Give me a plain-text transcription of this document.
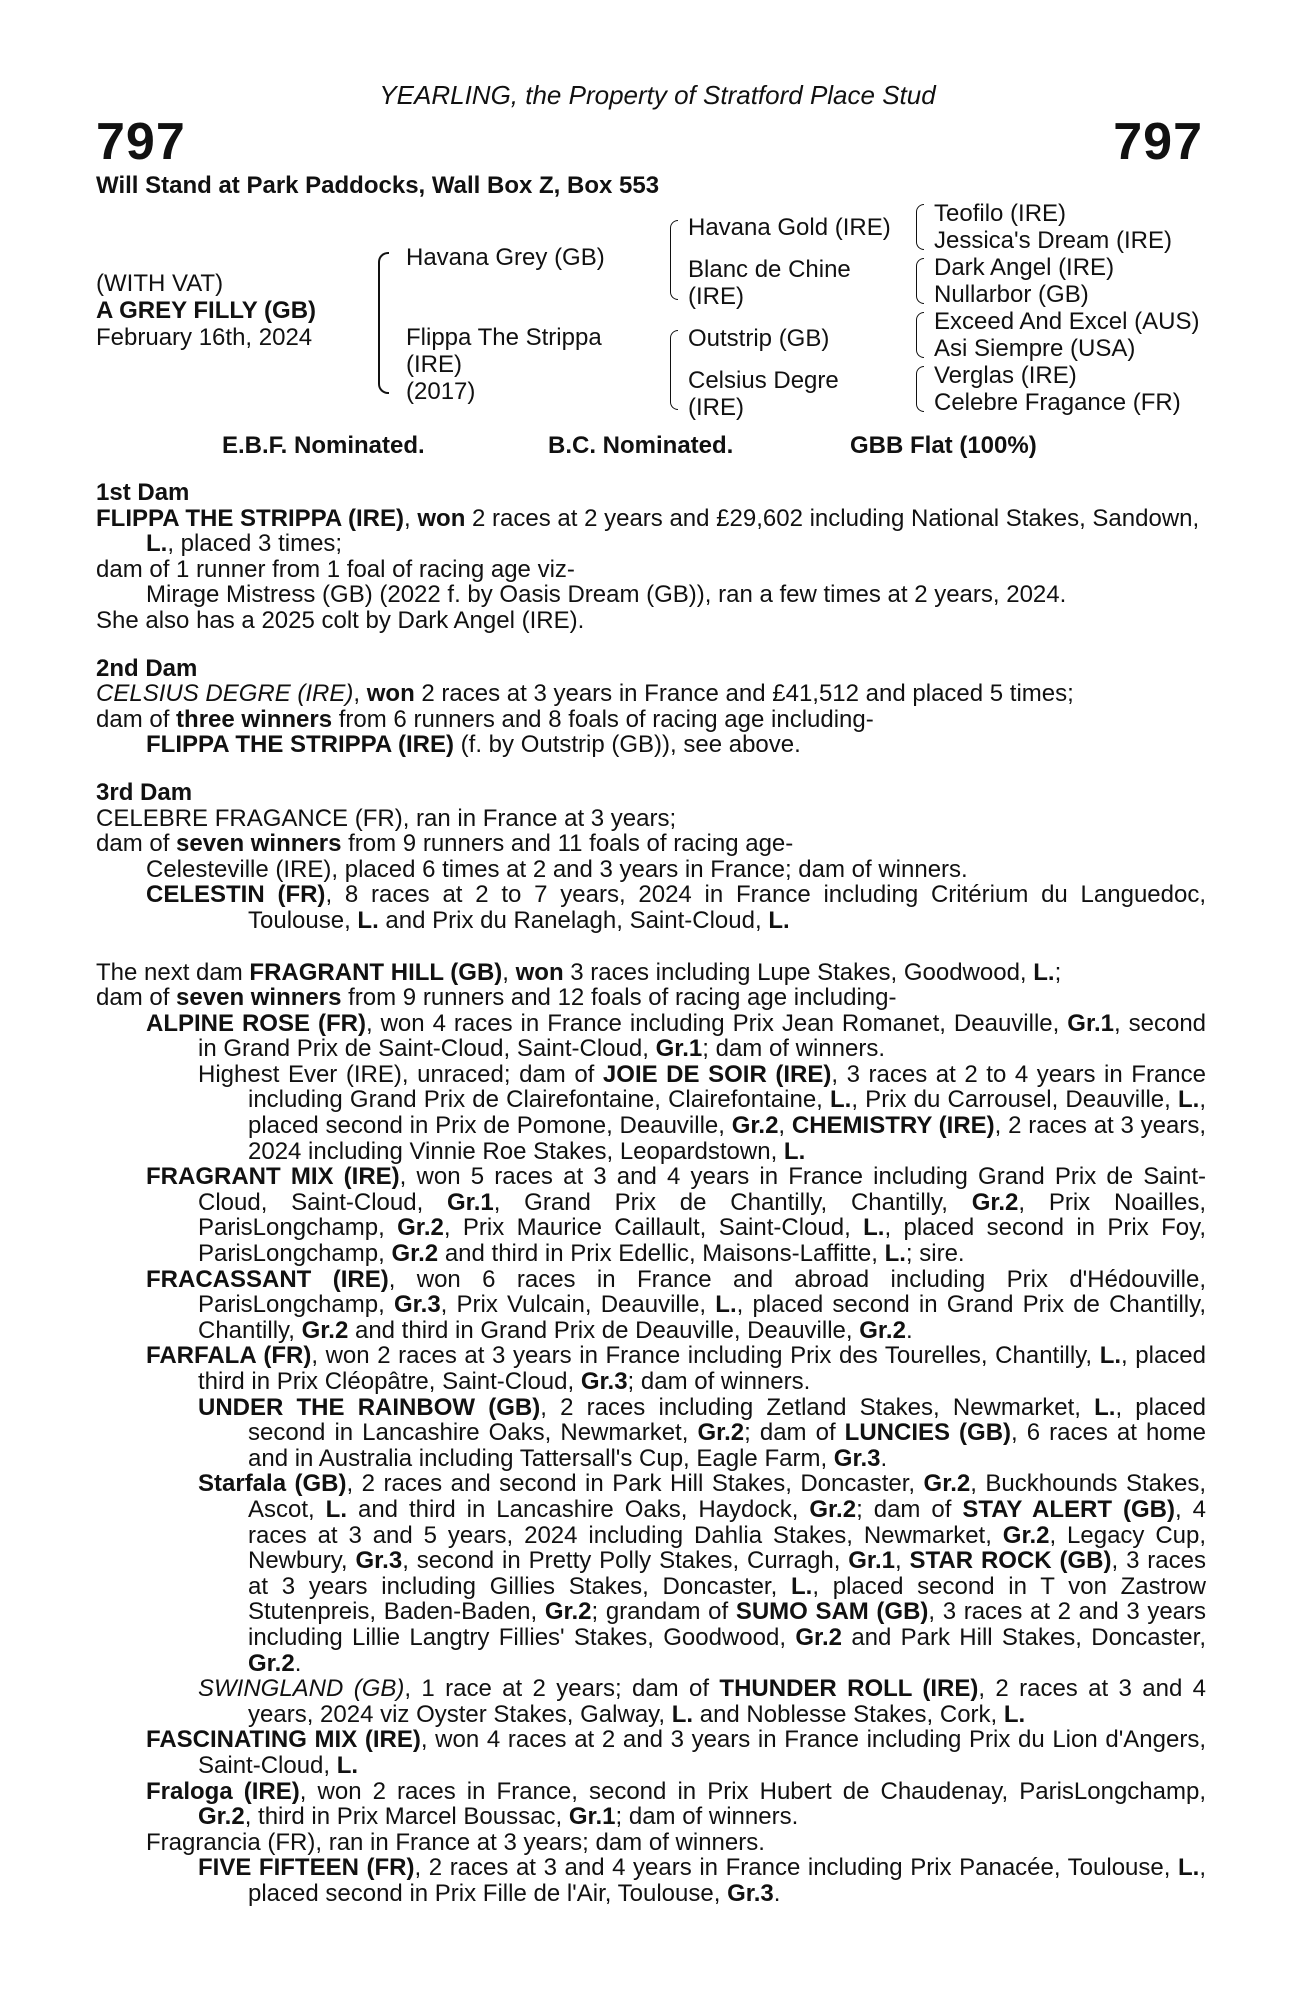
YEARLING, the Property of Stratford Place Stud
797	797
Will Stand at Park Paddocks, Wall Box Z, Box 553
(WITH VAT)
A GREY FILLY (GB)
February 16th, 2024
Havana Grey (GB)
Flippa The Strippa
(IRE)
(2017)
Havana Gold (IRE)
Blanc de Chine
(IRE)
Outstrip (GB)
Celsius Degre
(IRE)
Teofilo (IRE)
Jessica's Dream (IRE)
Dark Angel (IRE)
Nullarbor (GB)
Exceed And Excel (AUS)
Asi Siempre (USA)
Verglas (IRE)
Celebre Fragance (FR)
E.B.F. Nominated.	B.C. Nominated.	GBB Flat (100%)

1st Dam

FLIPPA THE STRIPPA (IRE), won 2 races at 2 years and £29,602 including National Stakes, Sandown, L., placed 3 times;

dam of 1 runner from 1 foal of racing age viz-

Mirage Mistress (GB) (2022 f. by Oasis Dream (GB)), ran a few times at 2 years, 2024.

She also has a 2025 colt by Dark Angel (IRE).

2nd Dam

CELSIUS DEGRE (IRE), won 2 races at 3 years in France and £41,512 and placed 5 times;

dam of three winners from 6 runners and 8 foals of racing age including-

FLIPPA THE STRIPPA (IRE) (f. by Outstrip (GB)), see above.

3rd Dam

CELEBRE FRAGANCE (FR), ran in France at 3 years;

dam of seven winners from 9 runners and 11 foals of racing age-

Celesteville (IRE), placed 6 times at 2 and 3 years in France; dam of winners.

CELESTIN (FR), 8 races at 2 to 7 years, 2024 in France including Critérium du Languedoc, Toulouse, L. and Prix du Ranelagh, Saint-Cloud, L.

The next dam FRAGRANT HILL (GB), won 3 races including Lupe Stakes, Goodwood, L.;

dam of seven winners from 9 runners and 12 foals of racing age including-

ALPINE ROSE (FR), won 4 races in France including Prix Jean Romanet, Deauville, Gr.1, second in Grand Prix de Saint-Cloud, Saint-Cloud, Gr.1; dam of winners.

Highest Ever (IRE), unraced; dam of JOIE DE SOIR (IRE), 3 races at 2 to 4 years in France including Grand Prix de Clairefontaine, Clairefontaine, L., Prix du Carrousel, Deauville, L., placed second in Prix de Pomone, Deauville, Gr.2, CHEMISTRY (IRE), 2 races at 3 years, 2024 including Vinnie Roe Stakes, Leopardstown, L.

FRAGRANT MIX (IRE), won 5 races at 3 and 4 years in France including Grand Prix de Saint-Cloud, Saint-Cloud, Gr.1, Grand Prix de Chantilly, Chantilly, Gr.2, Prix Noailles, ParisLongchamp, Gr.2, Prix Maurice Caillault, Saint-Cloud, L., placed second in Prix Foy, ParisLongchamp, Gr.2 and third in Prix Edellic, Maisons-Laffitte, L.; sire.

FRACASSANT (IRE), won 6 races in France and abroad including Prix d'Hédouville, ParisLongchamp, Gr.3, Prix Vulcain, Deauville, L., placed second in Grand Prix de Chantilly, Chantilly, Gr.2 and third in Grand Prix de Deauville, Deauville, Gr.2.

FARFALA (FR), won 2 races at 3 years in France including Prix des Tourelles, Chantilly, L., placed third in Prix Cléopâtre, Saint-Cloud, Gr.3; dam of winners.

UNDER THE RAINBOW (GB), 2 races including Zetland Stakes, Newmarket, L., placed second in Lancashire Oaks, Newmarket, Gr.2; dam of LUNCIES (GB), 6 races at home and in Australia including Tattersall's Cup, Eagle Farm, Gr.3.

Starfala (GB), 2 races and second in Park Hill Stakes, Doncaster, Gr.2, Buckhounds Stakes, Ascot, L. and third in Lancashire Oaks, Haydock, Gr.2; dam of STAY ALERT (GB), 4 races at 3 and 5 years, 2024 including Dahlia Stakes, Newmarket, Gr.2, Legacy Cup, Newbury, Gr.3, second in Pretty Polly Stakes, Curragh, Gr.1, STAR ROCK (GB), 3 races at 3 years including Gillies Stakes, Doncaster, L., placed second in T von Zastrow Stutenpreis, Baden-Baden, Gr.2; grandam of SUMO SAM (GB), 3 races at 2 and 3 years including Lillie Langtry Fillies' Stakes, Goodwood, Gr.2 and Park Hill Stakes, Doncaster, Gr.2.

SWINGLAND (GB), 1 race at 2 years; dam of THUNDER ROLL (IRE), 2 races at 3 and 4 years, 2024 viz Oyster Stakes, Galway, L. and Noblesse Stakes, Cork, L.

FASCINATING MIX (IRE), won 4 races at 2 and 3 years in France including Prix du Lion d'Angers, Saint-Cloud, L.

Fraloga (IRE), won 2 races in France, second in Prix Hubert de Chaudenay, ParisLongchamp, Gr.2, third in Prix Marcel Boussac, Gr.1; dam of winners.

Fragrancia (FR), ran in France at 3 years; dam of winners.

FIVE FIFTEEN (FR), 2 races at 3 and 4 years in France including Prix Panacée, Toulouse, L., placed second in Prix Fille de l'Air, Toulouse, Gr.3.
